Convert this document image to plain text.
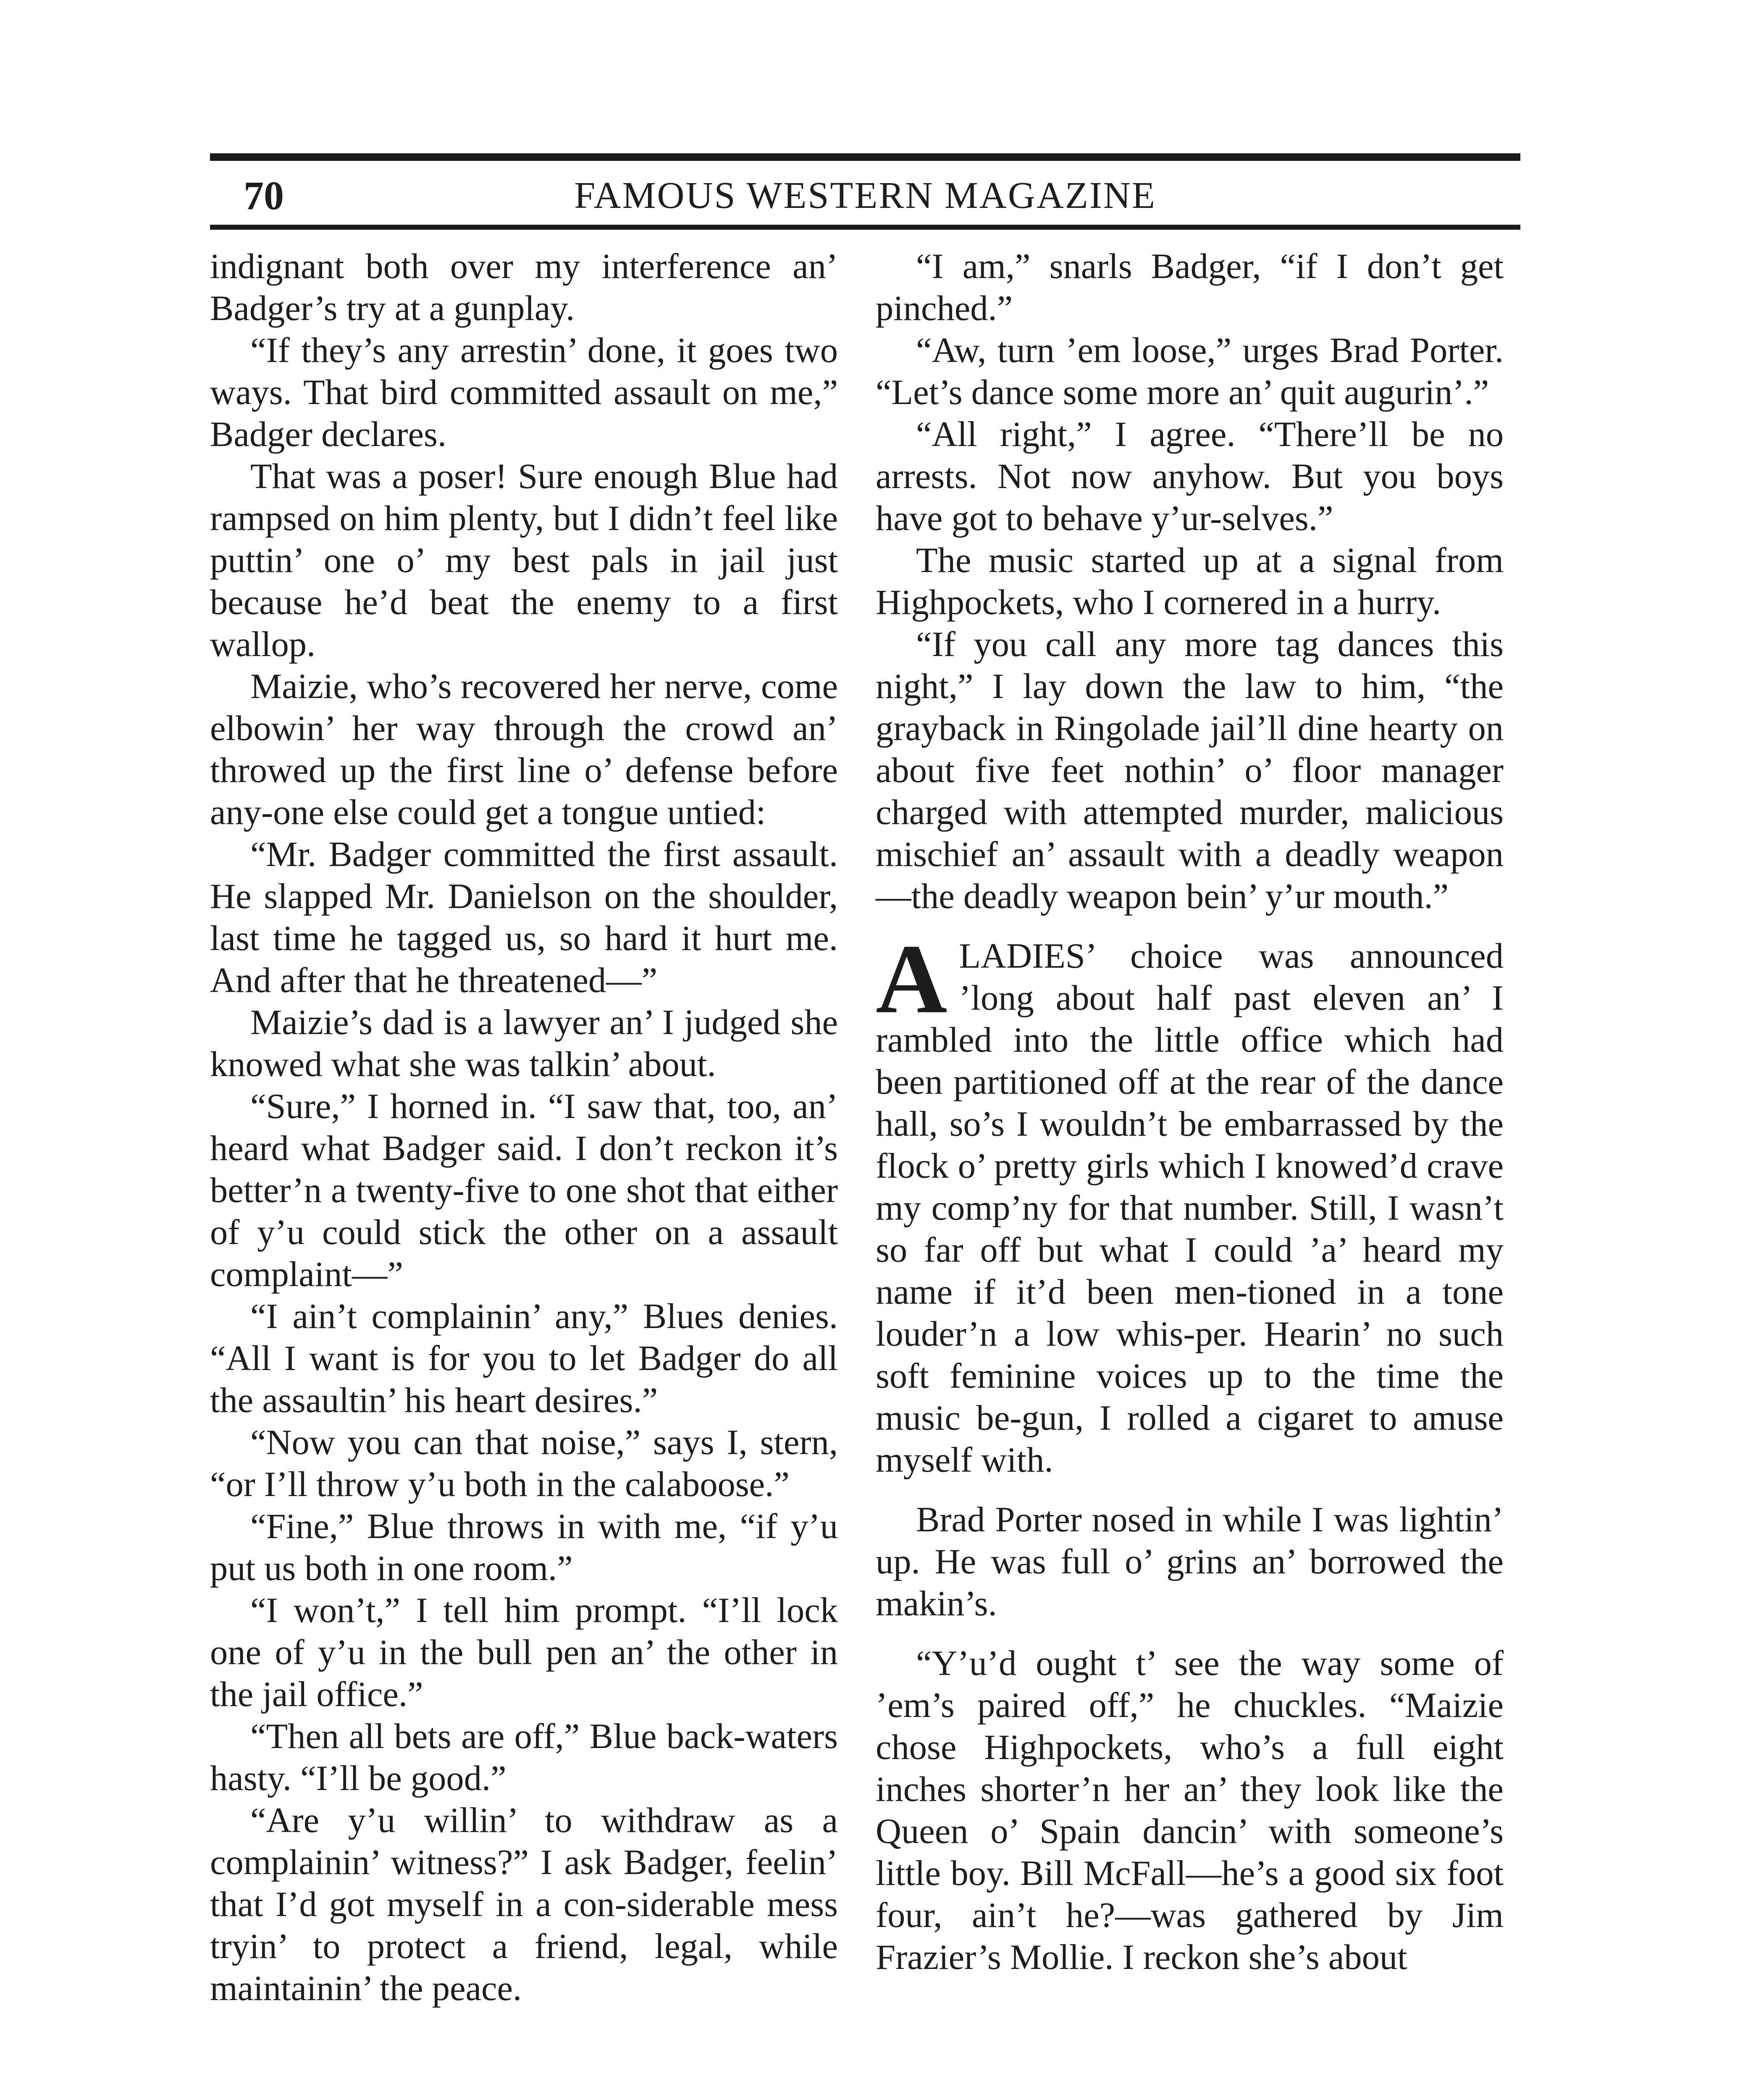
70	FAMOUS WESTERN MAGAZINE

indignant both over my interference an’ Badger’s try at a gunplay.

“If they’s any arrestin’ done, it goes two ways. That bird committed assault on me,” Badger declares.

That was a poser! Sure enough Blue had rampsed on him plenty, but I didn’t feel like puttin’ one o’ my best pals in jail just because he’d beat the enemy to a first wallop.

Maizie, who’s recovered her nerve, come elbowin’ her way through the crowd an’ throwed up the first line o’ defense before any-one else could get a tongue untied:

“Mr. Badger committed the first assault. He slapped Mr. Danielson on the shoulder, last time he tagged us, so hard it hurt me. And after that he threatened—”

Maizie’s dad is a lawyer an’ I judged she knowed what she was talkin’ about.

“Sure,” I horned in. “I saw that, too, an’ heard what Badger said. I don’t reckon it’s better’n a twenty-five to one shot that either of y’u could stick the other on a assault complaint—”

“I ain’t complainin’ any,” Blues denies. “All I want is for you to let Badger do all the assaultin’ his heart desires.”

“Now you can that noise,” says I, stern, “or I’ll throw y’u both in the calaboose.”

“Fine,” Blue throws in with me, “if y’u put us both in one room.”

“I won’t,” I tell him prompt. “I’ll lock one of y’u in the bull pen an’ the other in the jail office.”

“Then all bets are off,” Blue back-waters hasty. “I’ll be good.”

“Are y’u willin’ to withdraw as a complainin’ witness?” I ask Badger, feelin’ that I’d got myself in a con-siderable mess tryin’ to protect a friend, legal, while maintainin’ the peace.

“I am,” snarls Badger, “if I don’t get pinched.”

“Aw, turn ’em loose,” urges Brad Porter. “Let’s dance some more an’ quit augurin’.”

“All right,” I agree. “There’ll be no arrests. Not now anyhow. But you boys have got to behave y’ur-selves.”

The music started up at a signal from Highpockets, who I cornered in a hurry.

“If you call any more tag dances this night,” I lay down the law to him, “the grayback in Ringolade jail’ll dine hearty on about five feet nothin’ o’ floor manager charged with attempted murder, malicious mischief an’ assault with a deadly weapon—the deadly weapon bein’ y’ur mouth.”

ALADIES’ choice was announced ’long about half past eleven an’ I rambled into the little office which had been partitioned off at the rear of the dance hall, so’s I wouldn’t be embarrassed by the flock o’ pretty girls which I knowed’d crave my comp’ny for that number. Still, I wasn’t so far off but what I could ’a’ heard my name if it’d been men-tioned in a tone louder’n a low whis-per. Hearin’ no such soft feminine voices up to the time the music be-gun, I rolled a cigaret to amuse myself with.

Brad Porter nosed in while I was lightin’ up. He was full o’ grins an’ borrowed the makin’s.

“Y’u’d ought t’ see the way some of ’em’s paired off,” he chuckles. “Maizie chose Highpockets, who’s a full eight inches shorter’n her an’ they look like the Queen o’ Spain dancin’ with someone’s little boy. Bill McFall—he’s a good six foot four, ain’t he?—was gathered by Jim Frazier’s Mollie. I reckon she’s about
